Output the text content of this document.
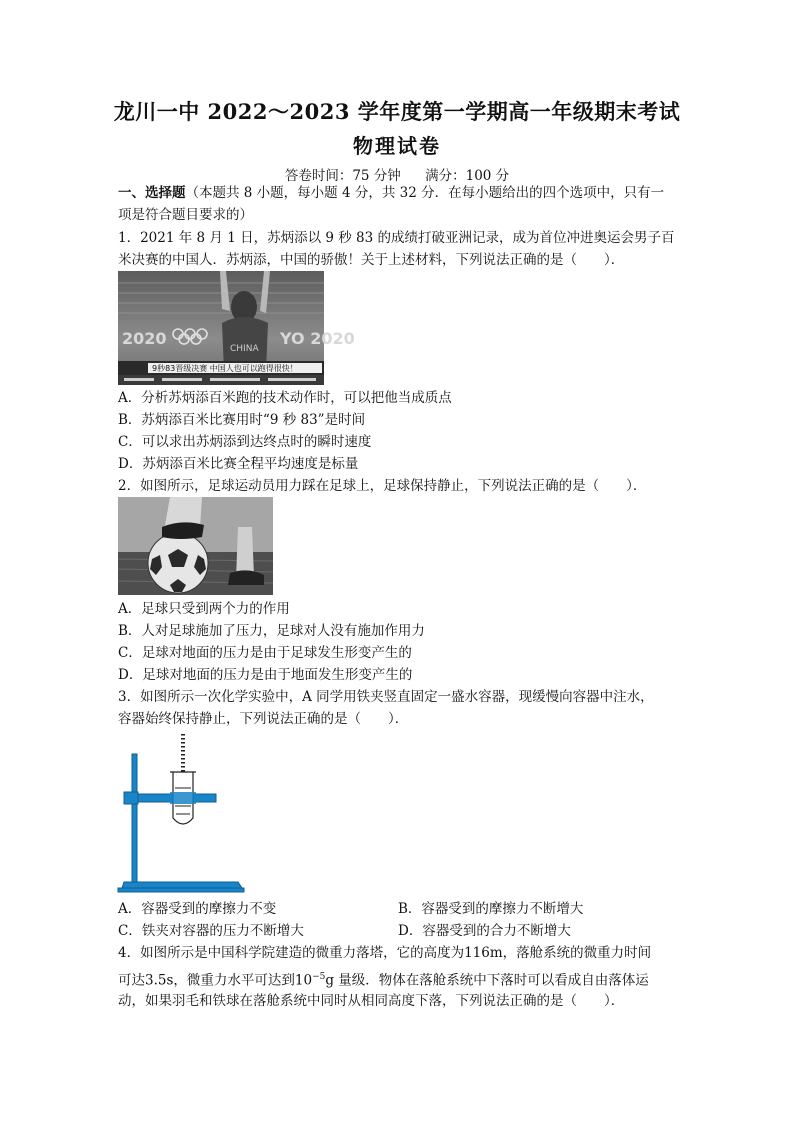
龙川一中 2022～2023 学年度第一学期高一年级期末考试
物理试卷
答卷时间：75 分钟 满分：100 分
一、选择题（本题共 8 小题，每小题 4 分，共 32 分．在每小题给出的四个选项中，只有一
项是符合题目要求的）
1．2021 年 8 月 1 日，苏炳添以 9 秒 83 的成绩打破亚洲记录，成为首位冲进奥运会男子百
米决赛的中国人．苏炳添，中国的骄傲！关于上述材料，下列说法正确的是（　　）．
2020	YO 2020
CHINA
9秒83晋级决赛 中国人也可以跑得很快！
A．分析苏炳添百米跑的技术动作时，可以把他当成质点
B．苏炳添百米比赛用时“9 秒 83”是时间
C．可以求出苏炳添到达终点时的瞬时速度
D．苏炳添百米比赛全程平均速度是标量
2．如图所示，足球运动员用力踩在足球上，足球保持静止，下列说法正确的是（　　）．
A．足球只受到两个力的作用
B．人对足球施加了压力，足球对人没有施加作用力
C．足球对地面的压力是由于足球发生形变产生的
D．足球对地面的压力是由于地面发生形变产生的
3．如图所示一次化学实验中，A 同学用铁夹竖直固定一盛水容器，现缓慢向容器中注水，
容器始终保持静止，下列说法正确的是（　　）．
A．容器受到的摩擦力不变	B．容器受到的摩擦力不断增大
C．铁夹对容器的压力不断增大	D．容器受到的合力不断增大
4．如图所示是中国科学院建造的微重力落塔，它的高度为116m，落舱系统的微重力时间
可达3.5s，微重力水平可达到$10^{-5}g$ 量级．物体在落舱系统中下落时可以看成自由落体运
动，如果羽毛和铁球在落舱系统中同时从相同高度下落，下列说法正确的是（　　）．
